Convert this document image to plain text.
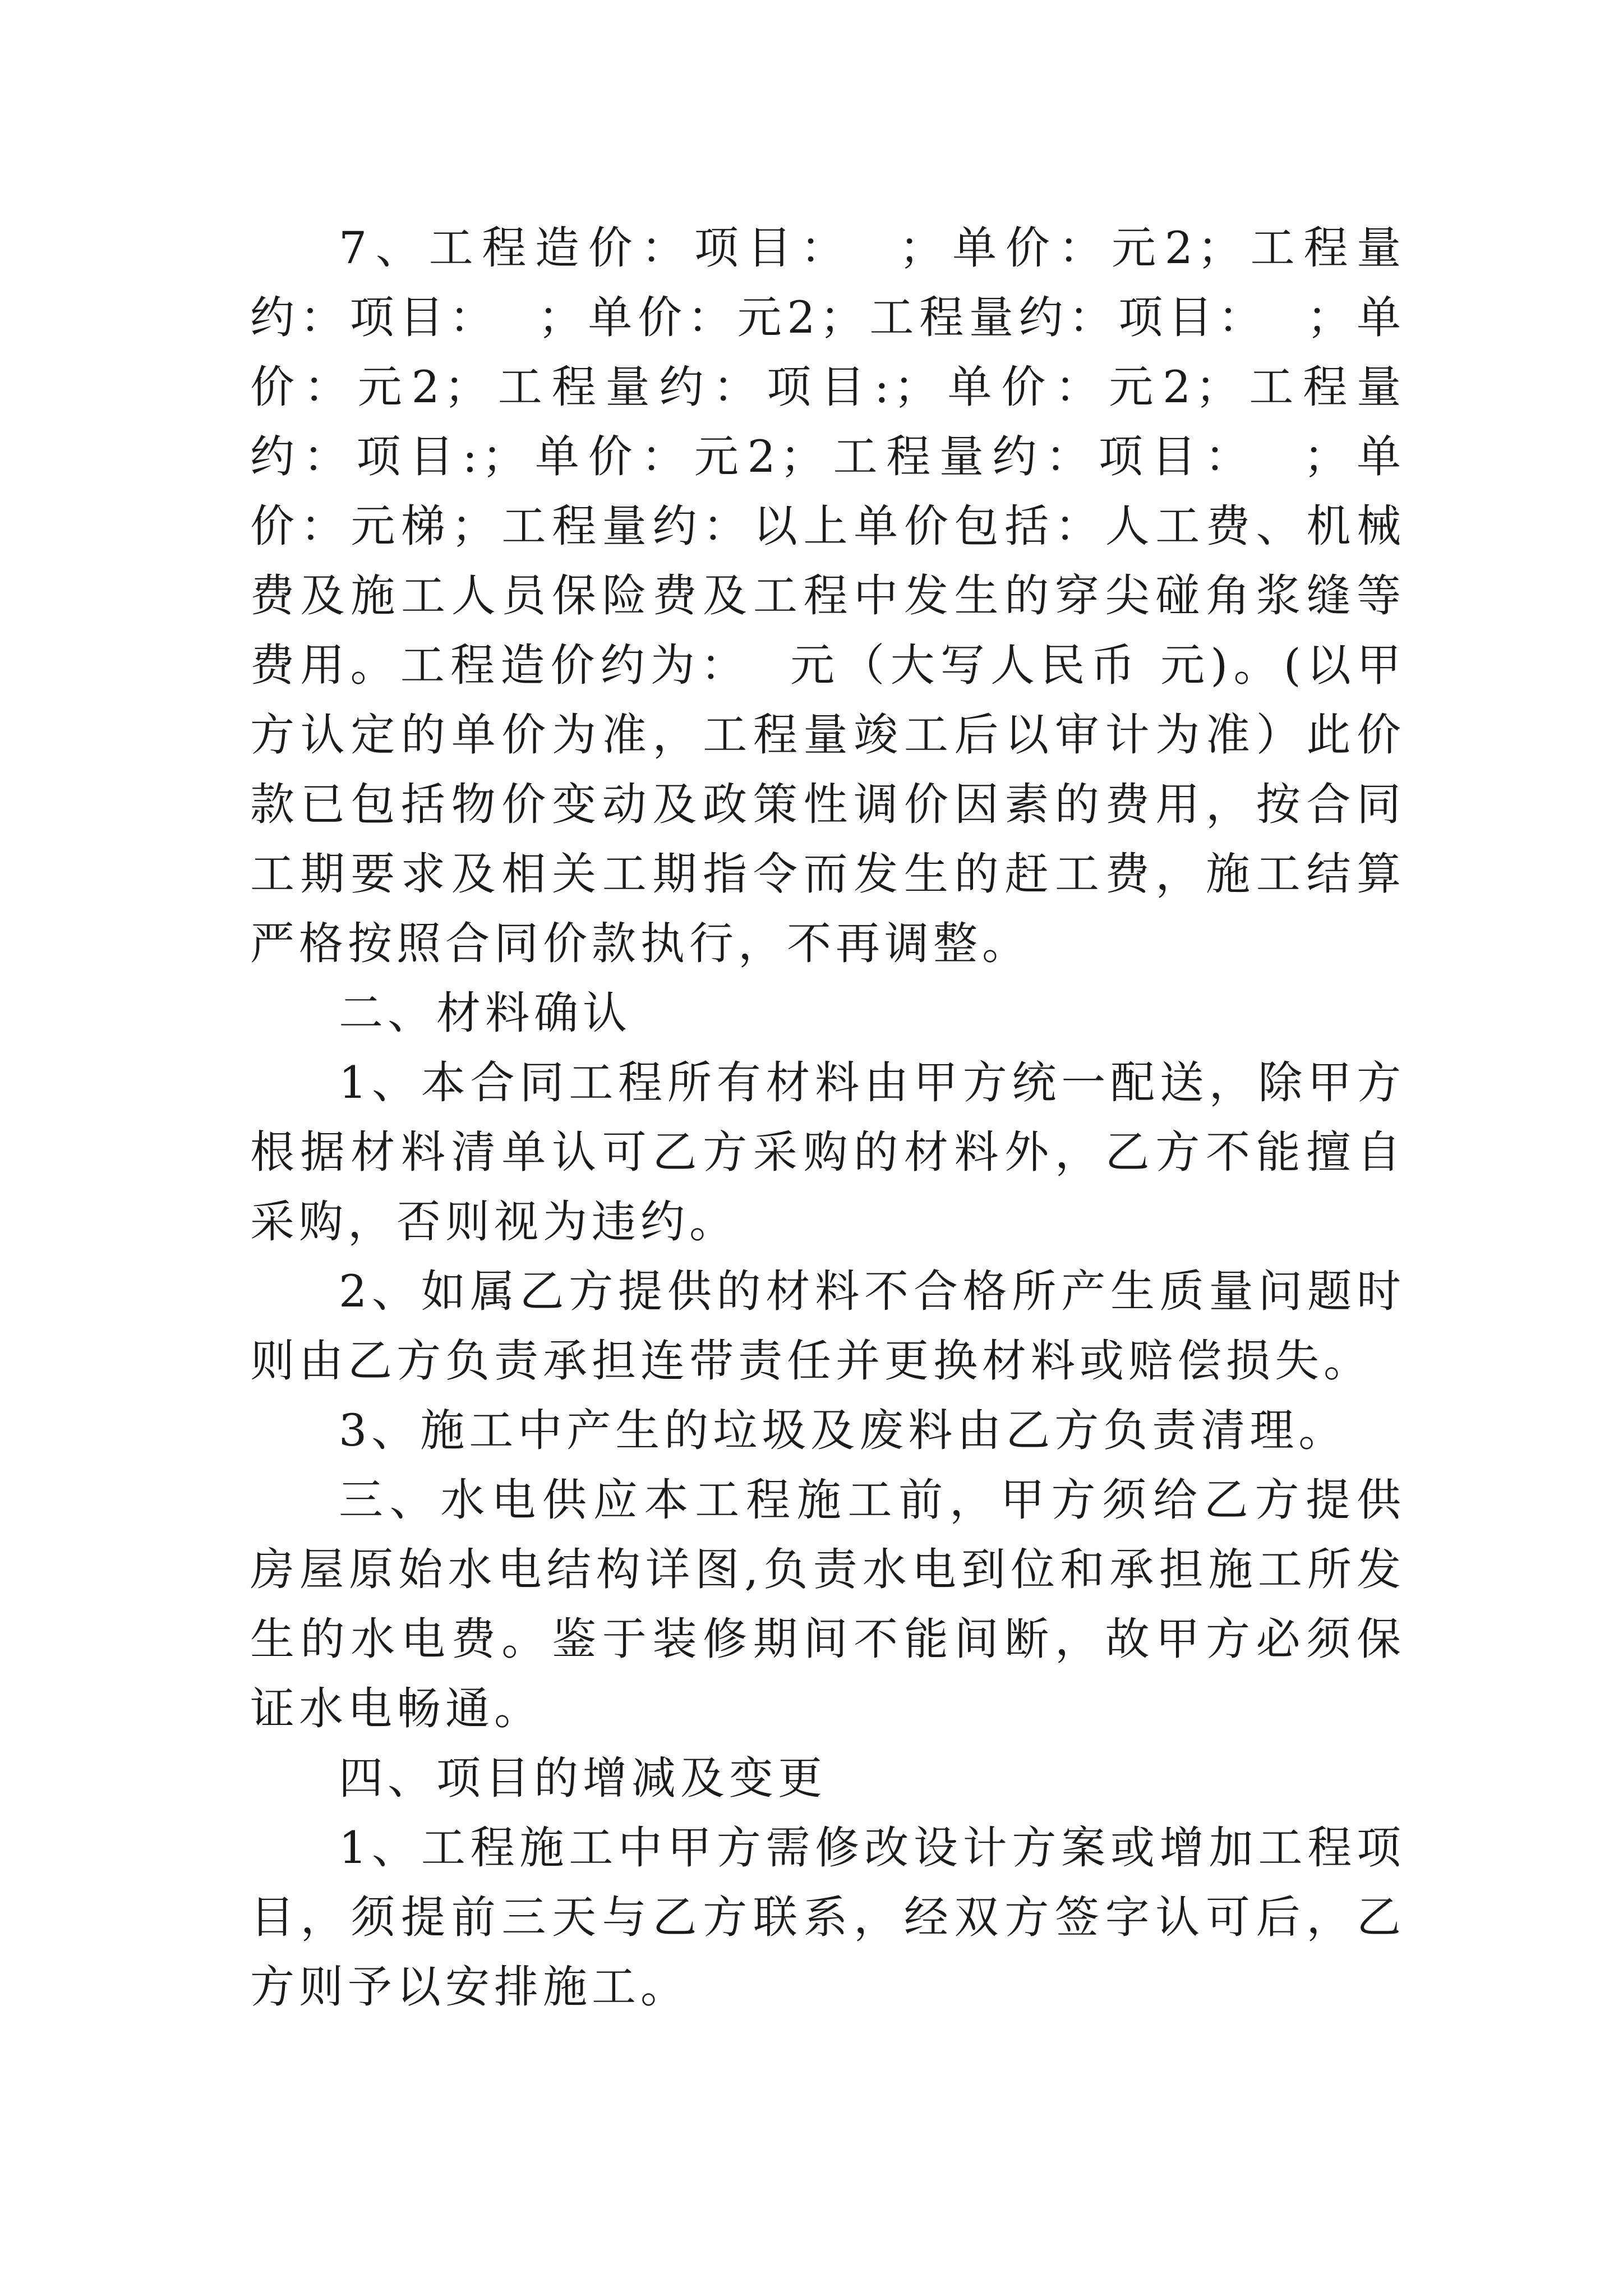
7、工程造价：项目：  ；单价：元2；工程量约：项目：  ；单价：元2；工程量约：项目：  ；单价：元2；工程量约：项目:；单价：元2；工程量约：项目:；单价：元2；工程量约：项目：  ；单价：元梯；工程量约：以上单价包括：人工费、机械费及施工人员保险费及工程中发生的穿尖碰角浆缝等费用。工程造价约为：  元（大写人民币 元)。(以甲方认定的单价为准，工程量竣工后以审计为准）此价款已包括物价变动及政策性调价因素的费用，按合同工期要求及相关工期指令而发生的赶工费，施工结算严格按照合同价款执行，不再调整。

二、材料确认

1、本合同工程所有材料由甲方统一配送，除甲方根据材料清单认可乙方采购的材料外，乙方不能擅自采购，否则视为违约。

2、如属乙方提供的材料不合格所产生质量问题时则由乙方负责承担连带责任并更换材料或赔偿损失。

3、施工中产生的垃圾及废料由乙方负责清理。

三、水电供应本工程施工前，甲方须给乙方提供房屋原始水电结构详图,负责水电到位和承担施工所发生的水电费。鉴于装修期间不能间断，故甲方必须保证水电畅通。

四、项目的增减及变更

1、工程施工中甲方需修改设计方案或增加工程项目，须提前三天与乙方联系，经双方签字认可后，乙方则予以安排施工。
